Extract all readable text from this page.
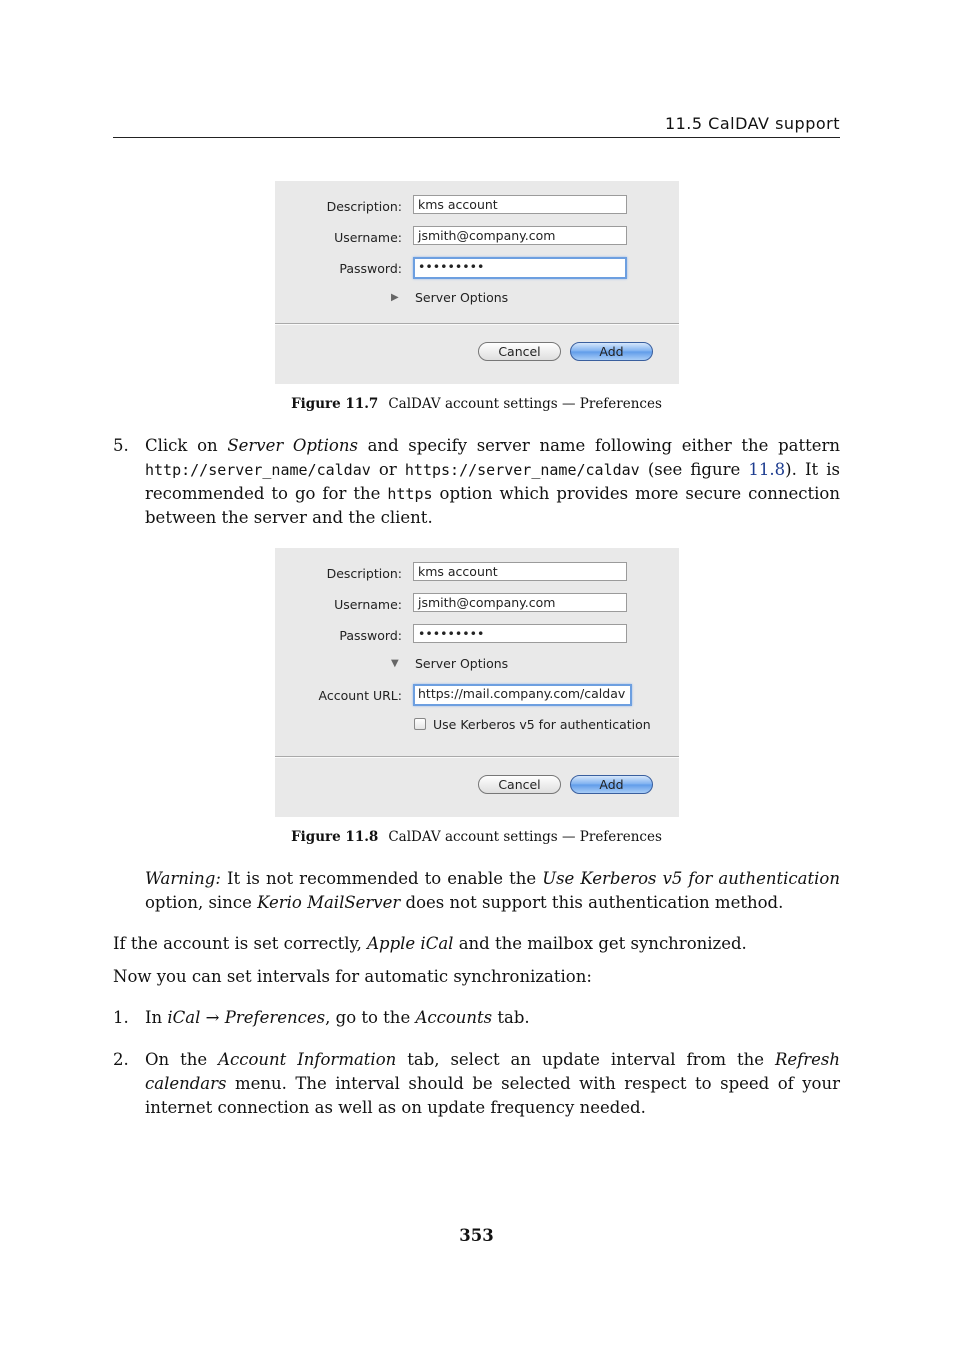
11.5 CalDAV support
Description:	kms account
Username:	jsmith@company.com
Password:	•••••••••
▶ Server Options
Cancel	Add
Figure 11.7 CalDAV account settings — Preferences
5. Click on Server Options and specify server name following either the pattern http://server_name/caldav or https://server_name/caldav (see figure 11.8). It is recommended to go for the https option which provides more secure connection between the server and the client.
Description:	kms account
Username:	jsmith@company.com
Password:	•••••••••
▼ Server Options
Account URL:	https://mail.company.com/caldav
Use Kerberos v5 for authentication
Cancel	Add
Figure 11.8 CalDAV account settings — Preferences
Warning: It is not recommended to enable the Use Kerberos v5 for authentication option, since Kerio MailServer does not support this authentication method.
If the account is set correctly, Apple iCal and the mailbox get synchronized.
Now you can set intervals for automatic synchronization:
1. In iCal → Preferences, go to the Accounts tab.
2. On the Account Information tab, select an update interval from the Refresh calendars menu. The interval should be selected with respect to speed of your internet connection as well as on update frequency needed.
353
